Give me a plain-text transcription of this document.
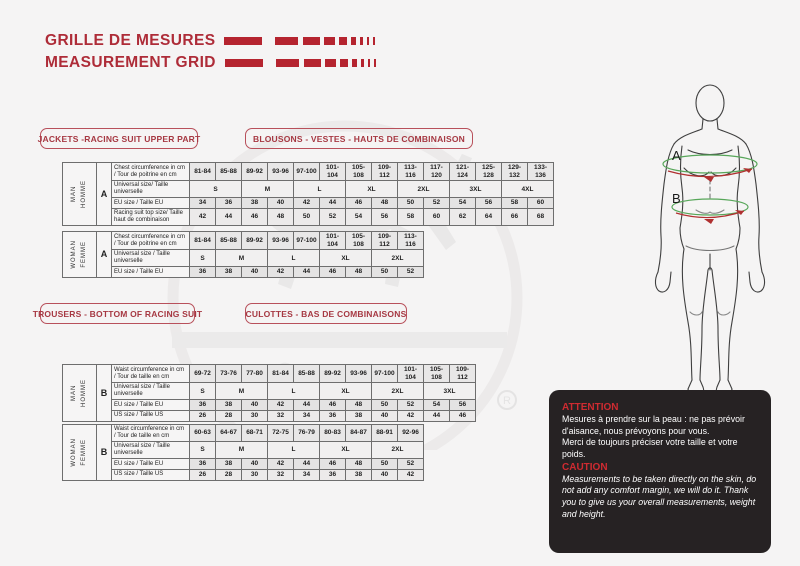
R
GRILLE DE MESURES
MEASUREMENT GRID
JACKETS -RACING SUIT UPPER PART	BLOUSONS - VESTES - HAUTS DE COMBINAISON
TROUSERS - BOTTOM OF RACING SUIT	CULOTTES - BAS DE COMBINAISONS
MAN HOMME	A	Chest circumference in cm / Tour de poitrine en cm	81-84	85-88	89-92	93-96	97-100	101-104	105-108	109-112	113-116	117-120	121-124	125-128	129-132	133-136
		Universal size/ Taille universelle	S		M		L		XL		2XL		3XL		4XL	
		EU size / Taille EU	34	36	38	40	42	44	46	48	50	52	54	56	58	60
		Racing suit top size/ Taille haut de combinaison	42	44	46	48	50	52	54	56	58	60	62	64	66	68
WOMAN FEMME	A	Chest circumference in cm / Tour de poitrine en cm	81-84	85-88	89-92	93-96	97-100	101-104	105-108	109-112	113-116
		Universal size / Taille universelle	S	M		L		XL		2XL	
		EU size / Taille EU	36	38	40	42	44	46	48	50	52
MAN HOMME	B	Waist circumference in cm / Tour de taille en cm	69-72	73-76	77-80	81-84	85-88	89-92	93-96	97-100	101-104	105-108	109-112
		Universal size / Taille universelle	S	M		L		XL		2XL		3XL	
		EU size / Taille EU	36	38	40	42	44	46	48	50	52	54	56
		US size / Taille US	26	28	30	32	34	36	38	40	42	44	46
WOMAN FEMME	B	Waist circumference in cm / Tour de taille en cm	60-63	64-67	68-71	72-75	76-79	80-83	84-87	88-91	92-96
		Universal size / Taille universelle	S	M		L		XL		2XL	
		EU size / Taille EU	36	38	40	42	44	46	48	50	52
		US size / Taille US	26	28	30	32	34	36	38	40	42
A
B
ATTENTION

Mesures à prendre sur la peau : ne pas prévoir d'aisance, nous prévoyons pour vous.

Merci de toujours préciser votre taille et votre poids.

CAUTION

Measurements to be taken directly on the skin, do not add any comfort margin, we will do it. Thank you to give us your overall measurements, weight and height.
